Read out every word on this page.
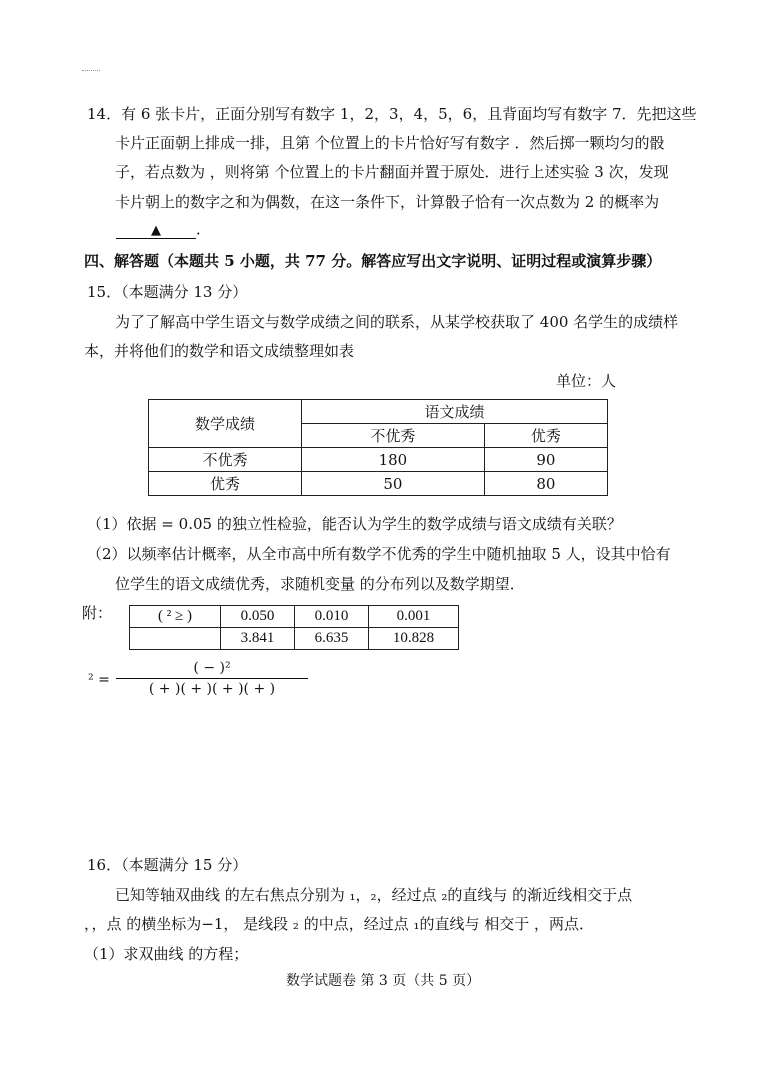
14．有 6 张卡片，正面分别写有数字 1，2，3，4，5，6，且背面均写有数字 7．先把这些
卡片正面朝上排成一排，且第 个位置上的卡片恰好写有数字 ．然后掷一颗均匀的骰
子，若点数为 ，则将第 个位置上的卡片翻面并置于原处．进行上述实验 3 次，发现
卡片朝上的数字之和为偶数，在这一条件下，计算骰子恰有一次点数为 2 的概率为
▲	．
四、解答题（本题共 5 小题，共 77 分。解答应写出文字说明、证明过程或演算步骤）
15．（本题满分 13 分）
为了了解高中学生语文与数学成绩之间的联系，从某学校获取了 400 名学生的成绩样
本，并将他们的数学和语文成绩整理如表
单位：人
数学成绩	语文成绩	
	不优秀	优秀
不优秀	180	90
优秀	50	80
（1）依据 = 0.05 的独立性检验，能否认为学生的数学成绩与语文成绩有关联？
（2）以频率估计概率，从全市高中所有数学不优秀的学生中随机抽取 5 人，设其中恰有
位学生的语文成绩优秀，求随机变量 的分布列以及数学期望．
附：	( ² ≥ )	0.050	0.010	0.001
	3.841	6.635	10.828
² =
( − )²
( + )( + )( + )( + )
16．（本题满分 15 分）
已知等轴双曲线 的左右焦点分别为 ₁，₂，经过点 ₂的直线与 的渐近线相交于点
，，点 的横坐标为−1， 是线段 ₂ 的中点，经过点 ₁的直线与 相交于 ，两点．
（1）求双曲线 的方程；
数学试题卷 第 3 页（共 5 页）
